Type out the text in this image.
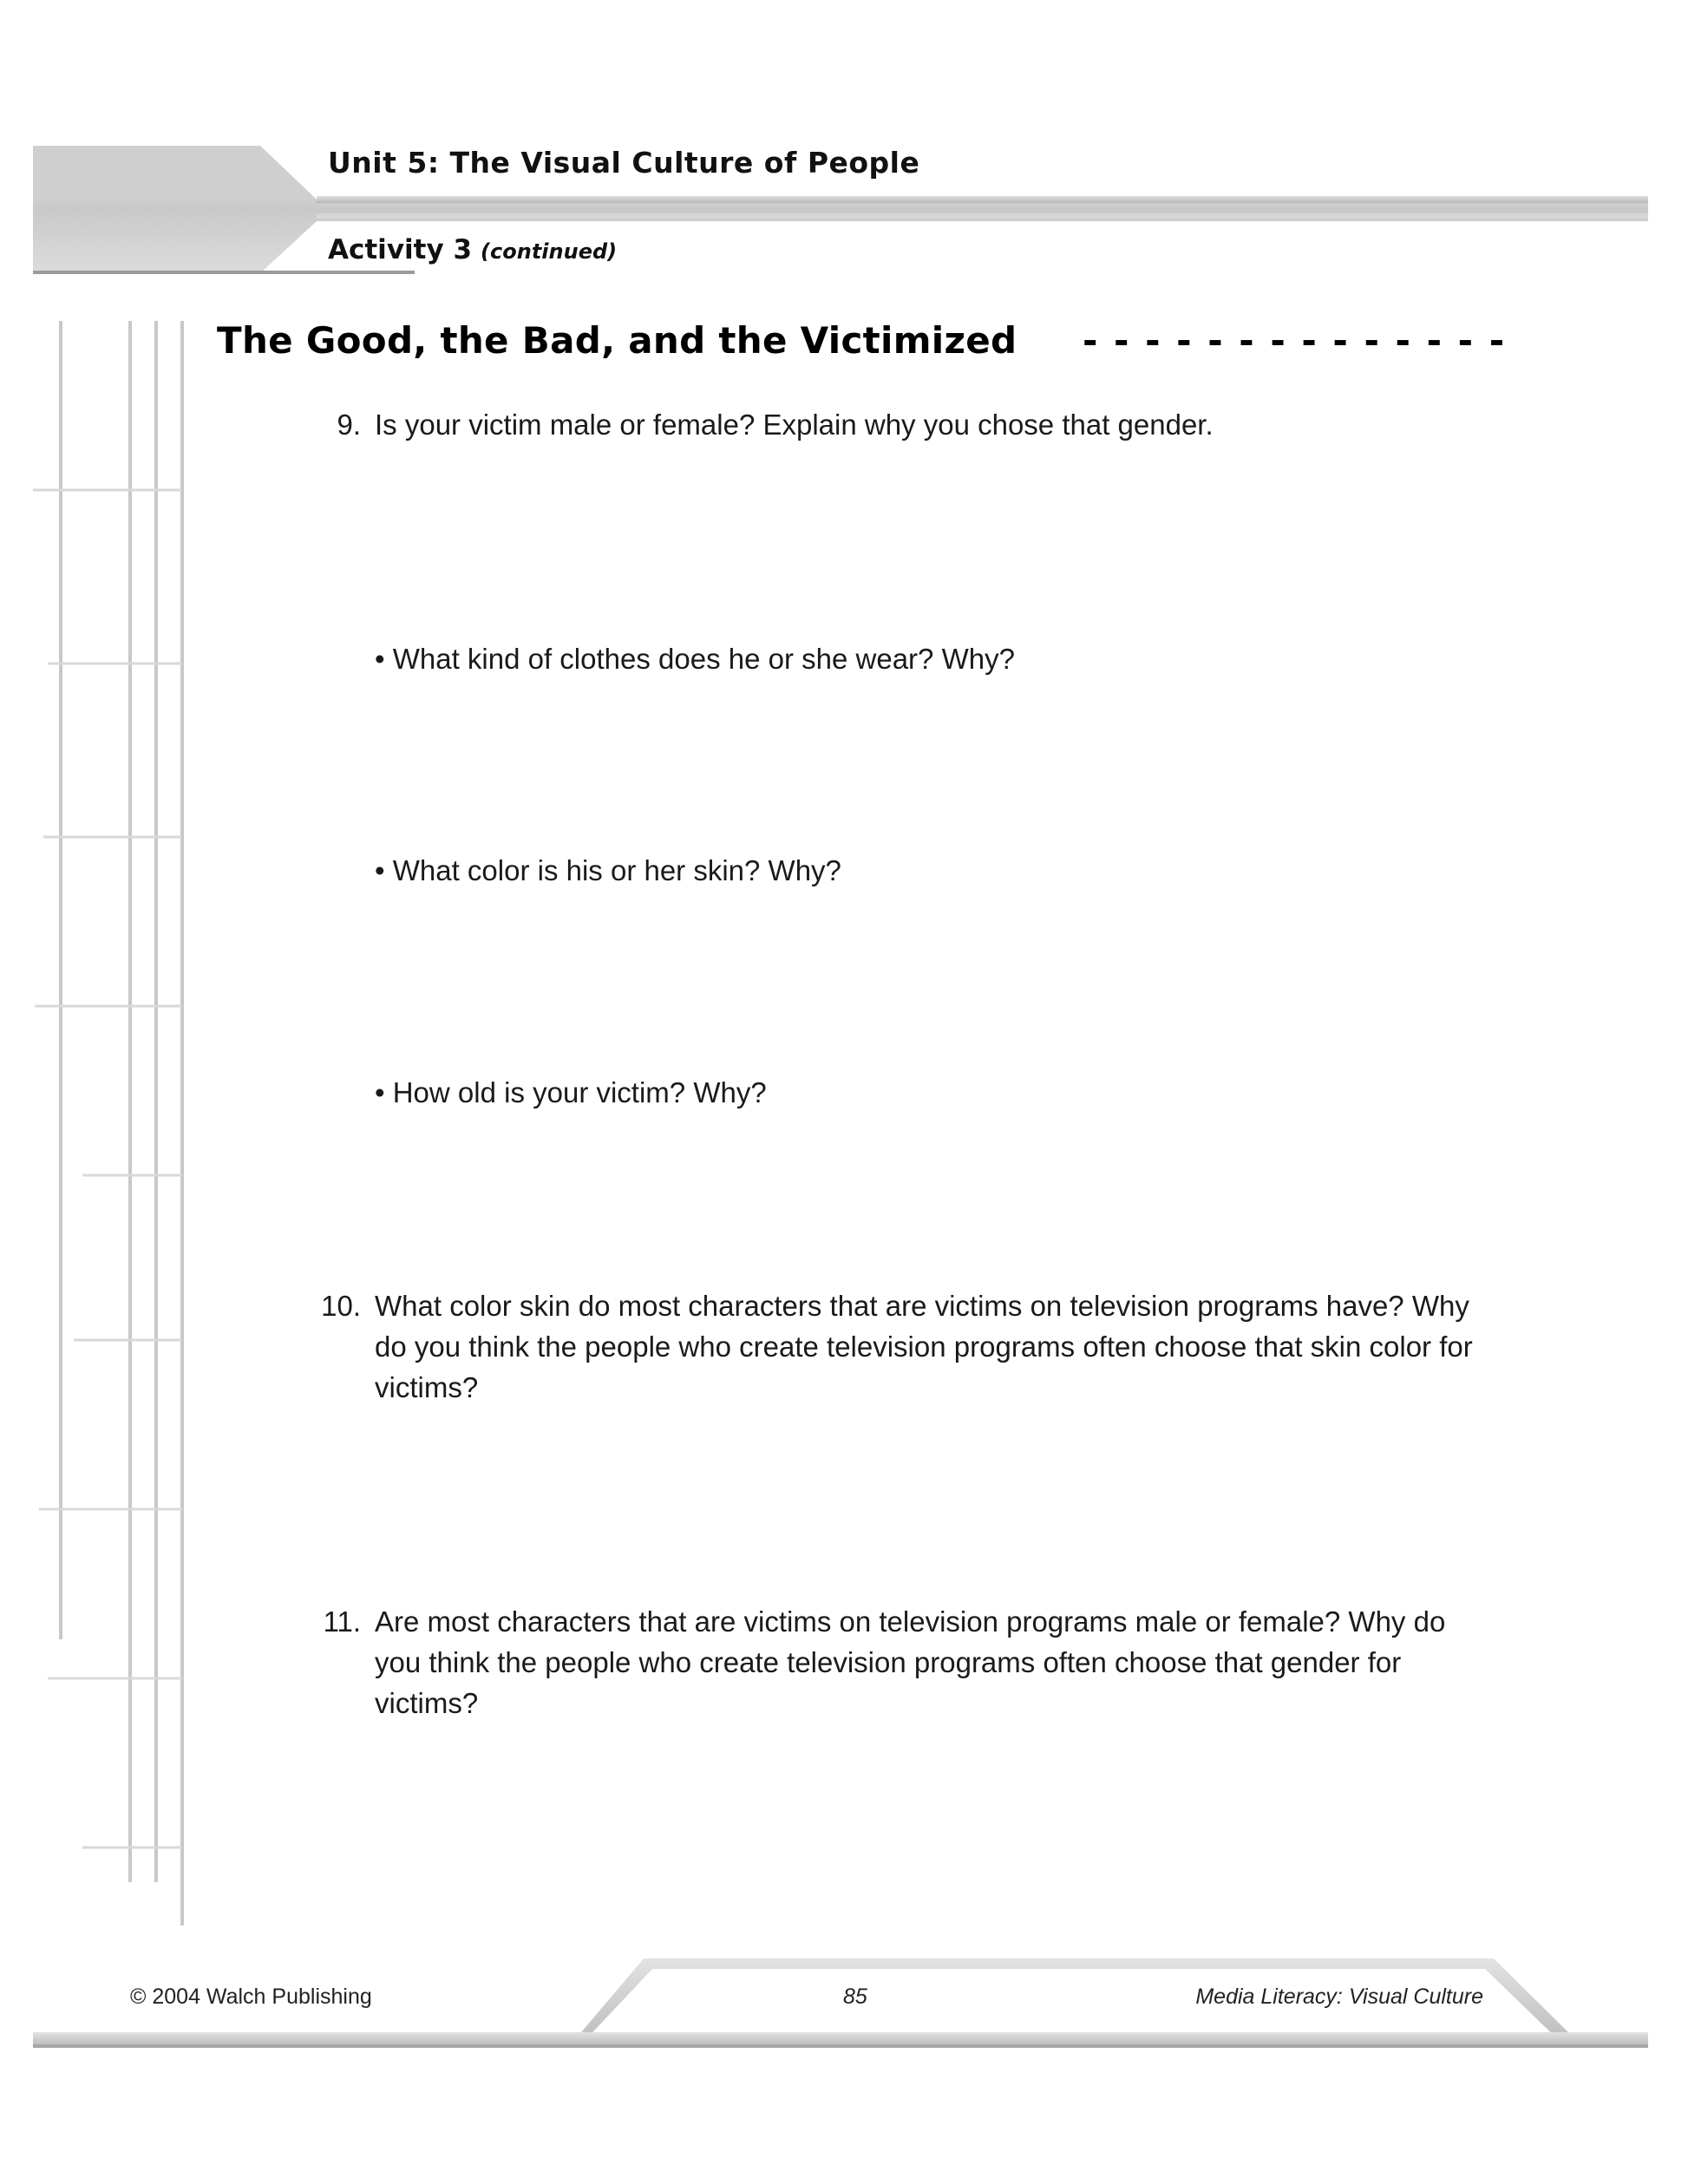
Unit 5: The Visual Culture of People
Activity 3 (continued)
The Good, the Bad, and the Victimized - - - - - - - - - - - - - -
9. Is your victim male or female? Explain why you chose that gender.
• What kind of clothes does he or she wear? Why?
• What color is his or her skin? Why?
• How old is your victim? Why?
10. What color skin do most characters that are victims on television programs have? Why do you think the people who create television programs often choose that skin color for victims?
11. Are most characters that are victims on television programs male or female? Why do you think the people who create television programs often choose that gender for victims?
© 2004 Walch Publishing	85	Media Literacy: Visual Culture
